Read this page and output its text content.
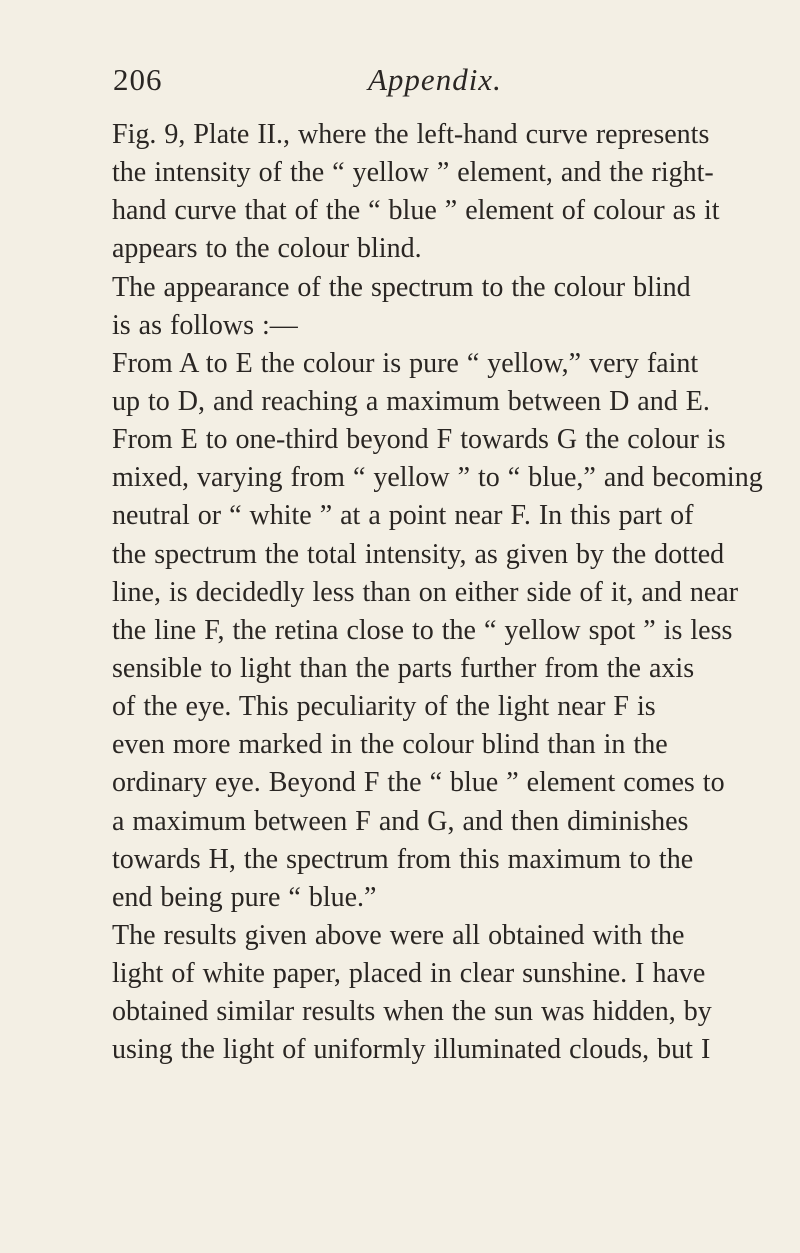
206	Appendix.
Fig. 9, Plate II., where the left-hand curve represents
the intensity of the “ yellow ” element, and the right-
hand curve that of the “ blue ” element of colour as it
appears to the colour blind.
The appearance of the spectrum to the colour blind
is as follows :—
From A to E the colour is pure “ yellow,” very faint
up to D, and reaching a maximum between D and E.
From E to one-third beyond F towards G the colour is
mixed, varying from “ yellow ” to “ blue,” and becoming
neutral or “ white ” at a point near F. In this part of
the spectrum the total intensity, as given by the dotted
line, is decidedly less than on either side of it, and near
the line F, the retina close to the “ yellow spot ” is less
sensible to light than the parts further from the axis
of the eye. This peculiarity of the light near F is
even more marked in the colour blind than in the
ordinary eye. Beyond F the “ blue ” element comes to
a maximum between F and G, and then diminishes
towards H, the spectrum from this maximum to the
end being pure “ blue.”
The results given above were all obtained with the
light of white paper, placed in clear sunshine. I have
obtained similar results when the sun was hidden, by
using the light of uniformly illuminated clouds, but I
